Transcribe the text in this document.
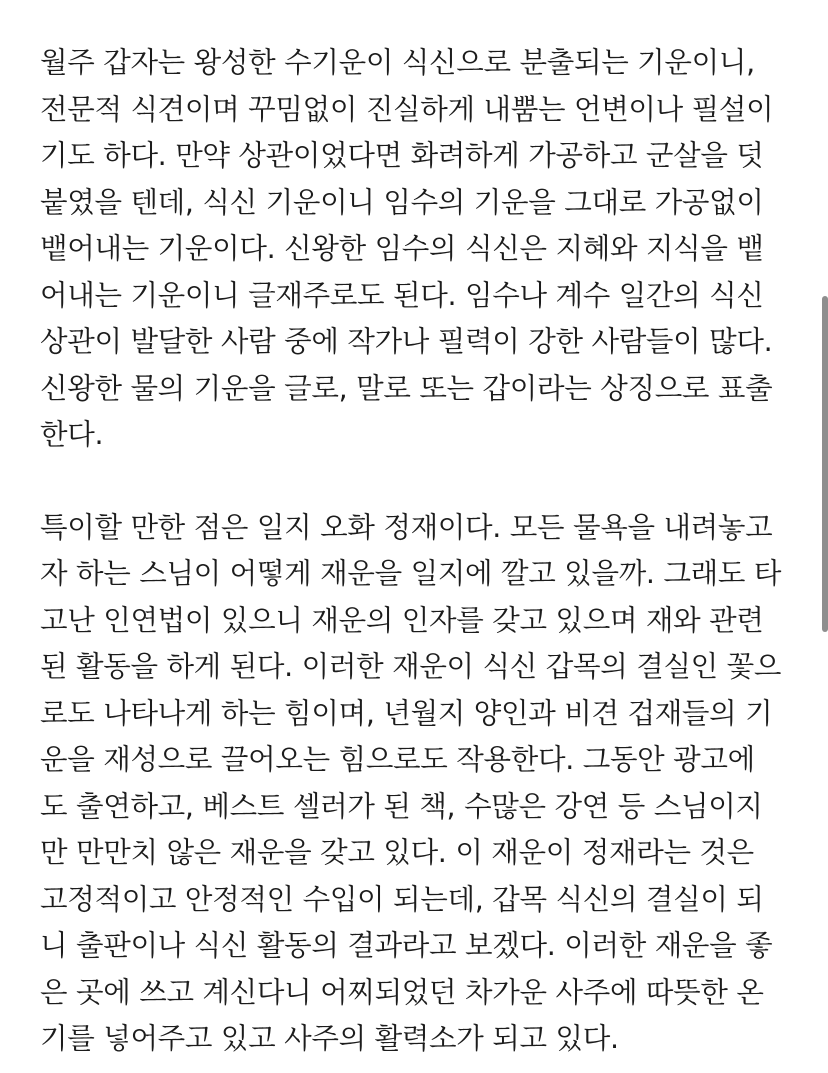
월주 갑자는 왕성한 수기운이 식신으로 분출되는 기운이니,
전문적 식견이며 꾸밈없이 진실하게 내뿜는 언변이나 필설이
기도 하다. 만약 상관이었다면 화려하게 가공하고 군살을 덧
붙였을 텐데, 식신 기운이니 임수의 기운을 그대로 가공없이
뱉어내는 기운이다. 신왕한 임수의 식신은 지혜와 지식을 뱉
어내는 기운이니 글재주로도 된다. 임수나 계수 일간의 식신
상관이 발달한 사람 중에 작가나 필력이 강한 사람들이 많다.
신왕한 물의 기운을 글로, 말로 또는 갑이라는 상징으로 표출
한다.
특이할 만한 점은 일지 오화 정재이다. 모든 물욕을 내려놓고
자 하는 스님이 어떻게 재운을 일지에 깔고 있을까. 그래도 타
고난 인연법이 있으니 재운의 인자를 갖고 있으며 재와 관련
된 활동을 하게 된다. 이러한 재운이 식신 갑목의 결실인 꽃으
로도 나타나게 하는 힘이며, 년월지 양인과 비견 겁재들의 기
운을 재성으로 끌어오는 힘으로도 작용한다. 그동안 광고에
도 출연하고, 베스트 셀러가 된 책, 수많은 강연 등 스님이지
만 만만치 않은 재운을 갖고 있다. 이 재운이 정재라는 것은
고정적이고 안정적인 수입이 되는데, 갑목 식신의 결실이 되
니 출판이나 식신 활동의 결과라고 보겠다. 이러한 재운을 좋
은 곳에 쓰고 계신다니 어찌되었던 차가운 사주에 따뜻한 온
기를 넣어주고 있고 사주의 활력소가 되고 있다.
